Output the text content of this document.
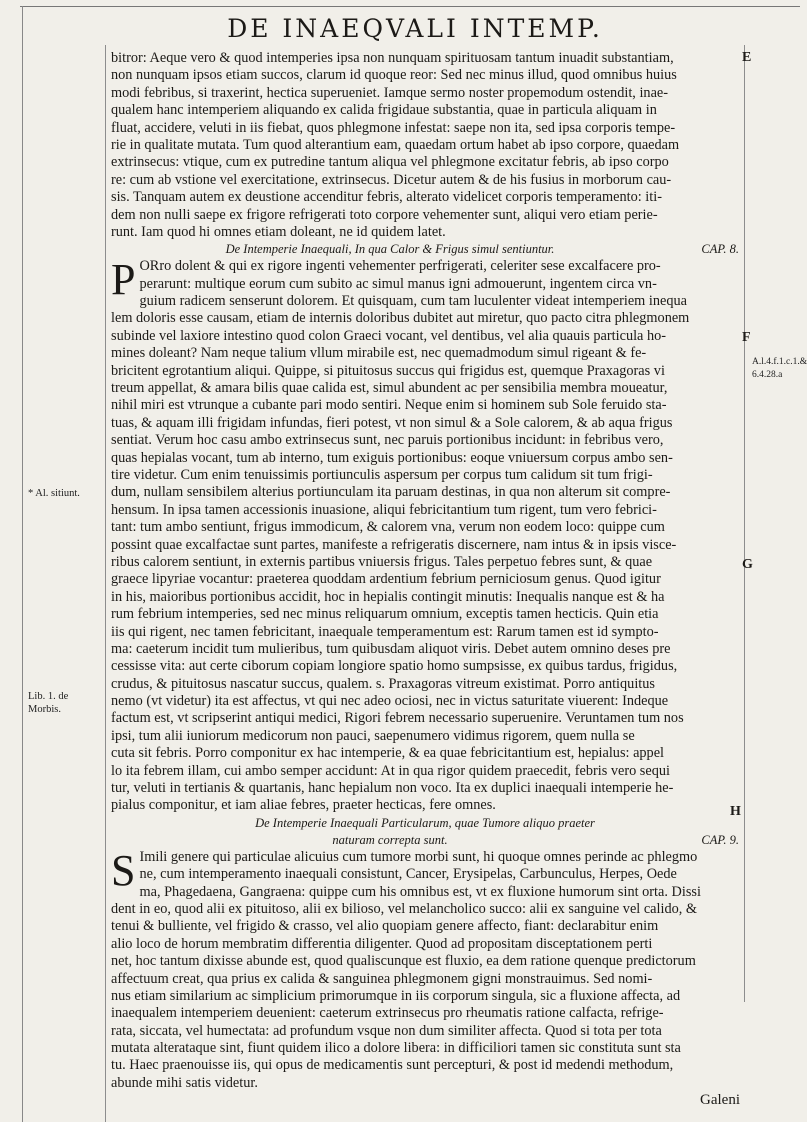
DE INAEQVALI INTEMP.
bitror: Aeque vero & quod intemperies ipsa non nunquam spirituosam tantum inuadit substantiam,
non nunquam ipsos etiam succos, clarum id quoque reor: Sed nec minus illud, quod omnibus huius
modi febribus, si traxerint, hectica superueniet. Iamque sermo noster propemodum ostendit, inae-
qualem hanc intemperiem aliquando ex calida frigidaue substantia, quae in particula aliquam in
fluat, accidere, veluti in iis fiebat, quos phlegmone infestat: saepe non ita, sed ipsa corporis tempe-
rie in qualitate mutata. Tum quod alterantium eam, quaedam ortum habet ab ipso corpore, quaedam
extrinsecus: vtique, cum ex putredine tantum aliqua vel phlegmone excitatur febris, ab ipso corpo
re: cum ab vstione vel exercitatione, extrinsecus. Dicetur autem & de his fusius in morborum cau-
sis. Tanquam autem ex deustione accenditur febris, alterato videlicet corporis temperamento: iti-
dem non nulli saepe ex frigore refrigerati toto corpore vehementer sunt, aliqui vero etiam perie-
runt. Iam quod hi omnes etiam doleant, ne id quidem latet.
De Intemperie Inaequali, In qua Calor & Frigus simul sentiuntur.	CAP. 8.
P ORro dolent & qui ex rigore ingenti vehementer perfrigerati, celeriter sese excalfacere pro-
perarunt: multique eorum cum subito ac simul manus igni admouerunt, ingentem circa vn-
guium radicem senserunt dolorem. Et quisquam, cum tam luculenter videat intemperiem inequa
lem doloris esse causam, etiam de internis doloribus dubitet aut miretur, quo pacto citra phlegmonem
subinde vel laxiore intestino quod colon Graeci vocant, vel dentibus, vel alia quauis particula ho-
mines doleant? Nam neque talium vllum mirabile est, nec quemadmodum simul rigeant & fe-
bricitent egrotantium aliqui. Quippe, si pituitosus succus qui frigidus est, quemque Praxagoras vi
treum appellat, & amara bilis quae calida est, simul abundent ac per sensibilia membra moueatur,
nihil miri est vtrunque a cubante pari modo sentiri. Neque enim si hominem sub Sole feruido sta-
tuas, & aquam illi frigidam infundas, fieri potest, vt non simul & a Sole calorem, & ab aqua frigus
sentiat. Verum hoc casu ambo extrinsecus sunt, nec paruis portionibus incidunt: in febribus vero,
quas hepialas vocant, tum ab interno, tum exiguis portionibus: eoque vniuersum corpus ambo sen-
tire videtur. Cum enim tenuissimis portiunculis aspersum per corpus tum calidum sit tum frigi-
dum, nullam sensibilem alterius portiunculam ita paruam destinas, in qua non alterum sit compre-
hensum. In ipsa tamen accessionis inuasione, aliqui febricitantium tum rigent, tum vero febrici-
tant: tum ambo sentiunt, frigus immodicum, & calorem vna, verum non eodem loco: quippe cum
possint quae excalfactae sunt partes, manifeste a refrigeratis discernere, nam intus & in ipsis visce-
ribus calorem sentiunt, in externis partibus vniuersis frigus. Tales perpetuo febres sunt, & quae
graece lipyriae vocantur: praeterea quoddam ardentium febrium perniciosum genus. Quod igitur
in his, maioribus portionibus accidit, hoc in hepialis contingit minutis: Inequalis nanque est & ha
rum febrium intemperies, sed nec minus reliquarum omnium, exceptis tamen hecticis. Quin etia
iis qui rigent, nec tamen febricitant, inaequale temperamentum est: Rarum tamen est id sympto-
ma: caeterum incidit tum mulieribus, tum quibusdam aliquot viris. Debet autem omnino deses pre
cessisse vita: aut certe ciborum copiam longiore spatio homo sumpsisse, ex quibus tardus, frigidus,
crudus, & pituitosus nascatur succus, qualem. s. Praxagoras vitreum existimat. Porro antiquitus
nemo (vt videtur) ita est affectus, vt qui nec adeo ociosi, nec in victus saturitate viuerent: Indeque
factum est, vt scripserint antiqui medici, Rigori febrem necessario superuenire. Veruntamen tum nos
ipsi, tum alii iuniorum medicorum non pauci, saepenumero vidimus rigorem, quem nulla se
cuta sit febris. Porro componitur ex hac intemperie, & ea quae febricitantium est, hepialus: appel
lo ita febrem illam, cui ambo semper accidunt: At in qua rigor quidem praecedit, febris vero sequi
tur, veluti in tertianis & quartanis, hanc hepialum non voco. Ita ex duplici inaequali intemperie he-
pialus componitur, et iam aliae febres, praeter hecticas, fere omnes.
De Intemperie Inaequali Particularum, quae Tumore aliquo praeter
naturam correpta sunt.	CAP. 9.
S Imili genere qui particulae alicuius cum tumore morbi sunt, hi quoque omnes perinde ac phlegmo
ne, cum intemperamento inaequali consistunt, Cancer, Erysipelas, Carbunculus, Herpes, Oede
ma, Phagedaena, Gangraena: quippe cum his omnibus est, vt ex fluxione humorum sint orta. Dissi
dent in eo, quod alii ex pituitoso, alii ex bilioso, vel melancholico succo: alii ex sanguine vel calido, &
tenui & bulliente, vel frigido & crasso, vel alio quopiam genere affecto, fiant: declarabitur enim
alio loco de horum membratim differentia diligenter. Quod ad propositam disceptationem perti
net, hoc tantum dixisse abunde est, quod qualiscunque est fluxio, ea dem ratione quenque predictorum
affectuum creat, qua prius ex calida & sanguinea phlegmonem gigni monstrauimus. Sed nomi-
nus etiam similarium ac simplicium primorumque in iis corporum singula, sic a fluxione affecta, ad
inaequalem intemperiem deuenient: caeterum extrinsecus pro rheumatis ratione calfacta, refrige-
rata, siccata, vel humectata: ad profundum vsque non dum similiter affecta. Quod si tota per tota
mutata alterataque sint, fiunt quidem ilico a dolore libera: in difficiliori tamen sic constituta sunt sta
tu. Haec praenouisse iis, qui opus de medicamentis sunt percepturi, & post id medendi methodum,
abunde mihi satis videtur.
* Al. sitiunt.
Lib. 1. de Morbis.
A.l.4.f.1.c.1.& 6.4.28.a
E
F
G
H
Galeni
